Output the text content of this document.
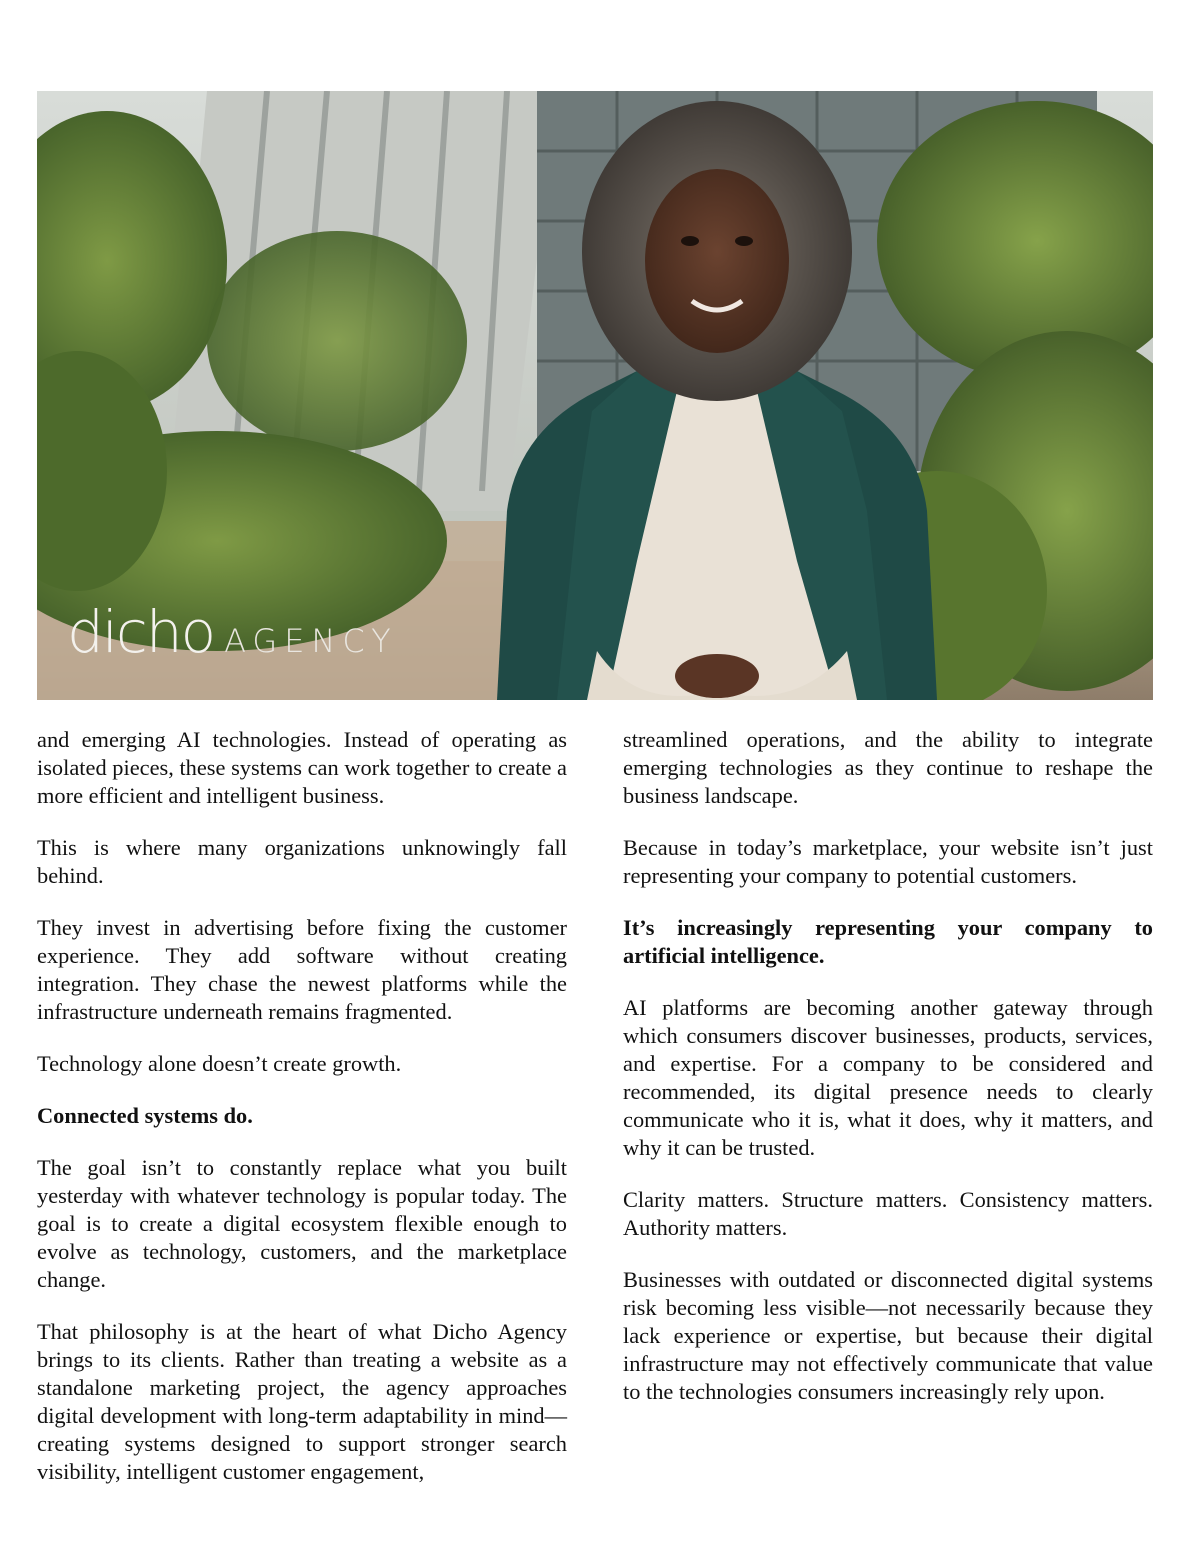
dicho AGENCY

and emerging AI technologies. Instead of operating as isolated pieces, these systems can work together to create a more efficient and intelligent business.

This is where many organizations unknowingly fall behind.

They invest in advertising before fixing the customer experience. They add software without creating integration. They chase the newest platforms while the infrastructure underneath remains fragmented.

Technology alone doesn’t create growth.

Connected systems do.

The goal isn’t to constantly replace what you built yesterday with whatever technology is popular today. The goal is to create a digital ecosystem flexible enough to evolve as technology, customers, and the marketplace change.

That philosophy is at the heart of what Dicho Agency brings to its clients. Rather than treating a website as a standalone marketing project, the agency approaches digital development with long-term adaptability in mind—creating systems designed to support stronger search visibility, intelligent customer engagement,

streamlined operations, and the ability to integrate emerging technologies as they continue to reshape the business landscape.

Because in today’s marketplace, your website isn’t just representing your company to potential customers.

It’s increasingly representing your company to artificial intelligence.

AI platforms are becoming another gateway through which consumers discover businesses, products, services, and expertise. For a company to be considered and recommended, its digital presence needs to clearly communicate who it is, what it does, why it matters, and why it can be trusted.

Clarity matters. Structure matters. Consistency matters. Authority matters.

Businesses with outdated or disconnected digital systems risk becoming less visible—not necessarily because they lack experience or expertise, but because their digital infrastructure may not effectively communicate that value to the technologies consumers increasingly rely upon.
